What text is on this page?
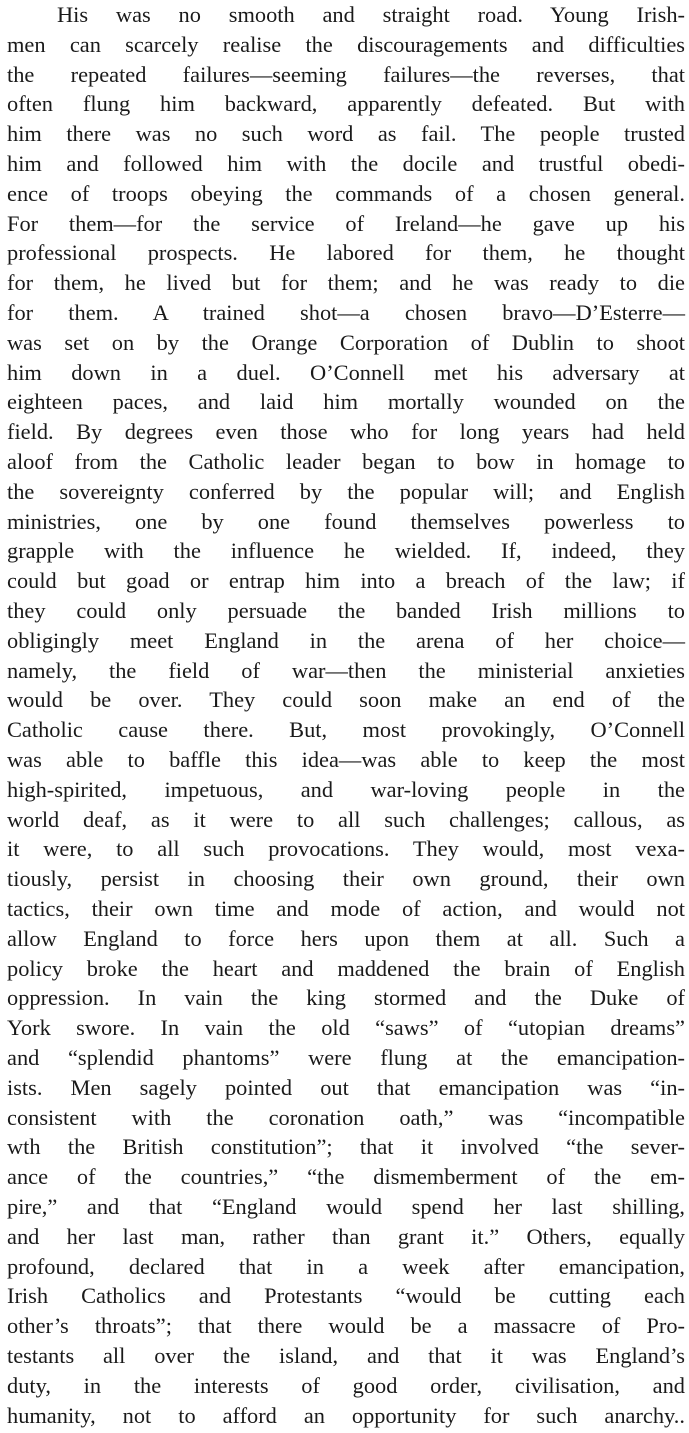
His was no smooth and straight road. Young Irish-
men can scarcely realise the discouragements and difficulties
the repeated failures—seeming failures—the reverses, that
often flung him backward, apparently defeated. But with
him there was no such word as fail. The people trusted
him and followed him with the docile and trustful obedi-
ence of troops obeying the commands of a chosen general.
For them—for the service of Ireland—he gave up his
professional prospects. He labored for them, he thought
for them, he lived but for them; and he was ready to die
for them. A trained shot—a chosen bravo—D’Esterre—
was set on by the Orange Corporation of Dublin to shoot
him down in a duel. O’Connell met his adversary at
eighteen paces, and laid him mortally wounded on the
field. By degrees even those who for long years had held
aloof from the Catholic leader began to bow in homage to
the sovereignty conferred by the popular will; and English
ministries, one by one found themselves powerless to
grapple with the influence he wielded. If, indeed, they
could but goad or entrap him into a breach of the law; if
they could only persuade the banded Irish millions to
obligingly meet England in the arena of her choice—
namely, the field of war—then the ministerial anxieties
would be over. They could soon make an end of the
Catholic cause there. But, most provokingly, O’Connell
was able to baffle this idea—was able to keep the most
high-spirited, impetuous, and war-loving people in the
world deaf, as it were to all such challenges; callous, as
it were, to all such provocations. They would, most vexa-
tiously, persist in choosing their own ground, their own
tactics, their own time and mode of action, and would not
allow England to force hers upon them at all. Such a
policy broke the heart and maddened the brain of English
oppression. In vain the king stormed and the Duke of
York swore. In vain the old “saws” of “utopian dreams”
and “splendid phantoms” were flung at the emancipation-
ists. Men sagely pointed out that emancipation was “in-
consistent with the coronation oath,” was “incompatible
wth the British constitution”; that it involved “the sever-
ance of the countries,” “the dismemberment of the em-
pire,” and that “England would spend her last shilling,
and her last man, rather than grant it.” Others, equally
profound, declared that in a week after emancipation,
Irish Catholics and Protestants “would be cutting each
other’s throats”; that there would be a massacre of Pro-
testants all over the island, and that it was England’s
duty, in the interests of good order, civilisation, and
humanity, not to afford an opportunity for such anarchy..
